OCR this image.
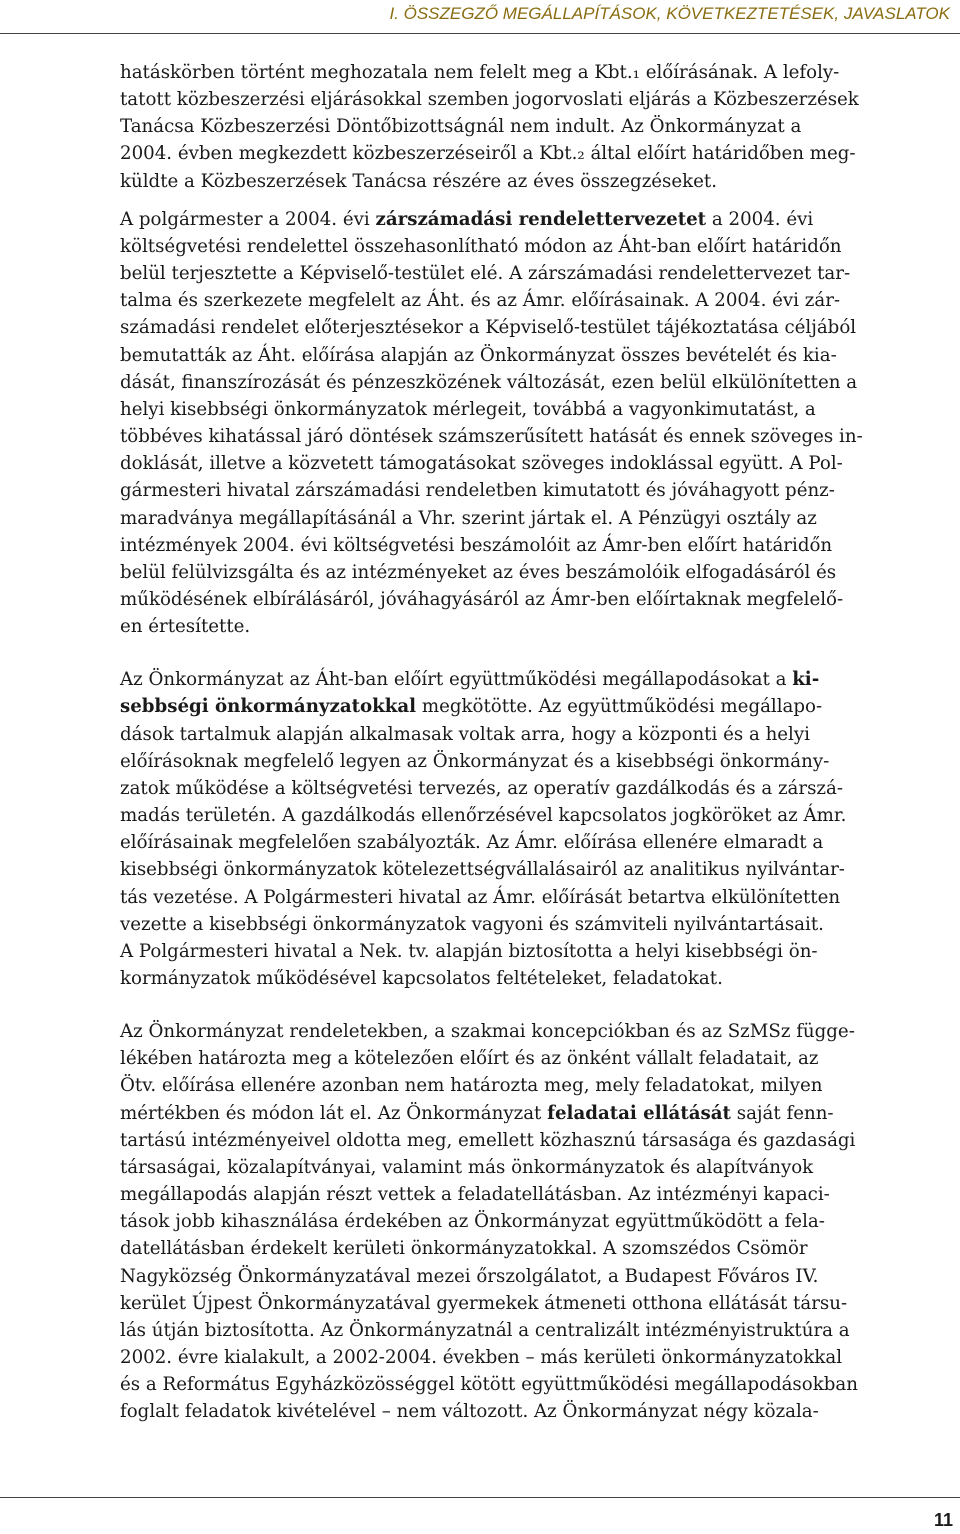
I. ÖSSZEGZŐ MEGÁLLAPÍTÁSOK, KÖVETKEZTETÉSEK, JAVASLATOK

hatáskörben történt meghozatala nem felelt meg a Kbt.₁ előírásának. A lefoly-
tatott közbeszerzési eljárásokkal szemben jogorvoslati eljárás a Közbeszerzések
Tanácsa Közbeszerzési Döntőbizottságnál nem indult. Az Önkormányzat a
2004. évben megkezdett közbeszerzéseiről a Kbt.₂ által előírt határidőben meg-
küldte a Közbeszerzések Tanácsa részére az éves összegzéseket.

A polgármester a 2004. évi zárszámadási rendelettervezetet a 2004. évi
költségvetési rendelettel összehasonlítható módon az Áht-ban előírt határidőn
belül terjesztette a Képviselő-testület elé. A zárszámadási rendelettervezet tar-
talma és szerkezete megfelelt az Áht. és az Ámr. előírásainak. A 2004. évi zár-
számadási rendelet előterjesztésekor a Képviselő-testület tájékoztatása céljából
bemutatták az Áht. előírása alapján az Önkormányzat összes bevételét és kia-
dását, finanszírozását és pénzeszközének változását, ezen belül elkülönítetten a
helyi kisebbségi önkormányzatok mérlegeit, továbbá a vagyonkimutatást, a
többéves kihatással járó döntések számszerűsített hatását és ennek szöveges in-
doklását, illetve a közvetett támogatásokat szöveges indoklással együtt. A Pol-
gármesteri hivatal zárszámadási rendeletben kimutatott és jóváhagyott pénz-
maradványa megállapításánál a Vhr. szerint jártak el. A Pénzügyi osztály az
intézmények 2004. évi költségvetési beszámolóit az Ámr-ben előírt határidőn
belül felülvizsgálta és az intézményeket az éves beszámolóik elfogadásáról és
működésének elbírálásáról, jóváhagyásáról az Ámr-ben előírtaknak megfelelő-
en értesítette.

Az Önkormányzat az Áht-ban előírt együttműködési megállapodásokat a ki-
sebbségi önkormányzatokkal megkötötte. Az együttműködési megállapo-
dások tartalmuk alapján alkalmasak voltak arra, hogy a központi és a helyi
előírásoknak megfelelő legyen az Önkormányzat és a kisebbségi önkormány-
zatok működése a költségvetési tervezés, az operatív gazdálkodás és a zárszá-
madás területén. A gazdálkodás ellenőrzésével kapcsolatos jogköröket az Ámr.
előírásainak megfelelően szabályozták. Az Ámr. előírása ellenére elmaradt a
kisebbségi önkormányzatok kötelezettségvállalásairól az analitikus nyilvántar-
tás vezetése. A Polgármesteri hivatal az Ámr. előírását betartva elkülönítetten
vezette a kisebbségi önkormányzatok vagyoni és számviteli nyilvántartásait.
A Polgármesteri hivatal a Nek. tv. alapján biztosította a helyi kisebbségi ön-
kormányzatok működésével kapcsolatos feltételeket, feladatokat.

Az Önkormányzat rendeletekben, a szakmai koncepciókban és az SzMSz függe-
lékében határozta meg a kötelezően előírt és az önként vállalt feladatait, az
Ötv. előírása ellenére azonban nem határozta meg, mely feladatokat, milyen
mértékben és módon lát el. Az Önkormányzat feladatai ellátását saját fenn-
tartású intézményeivel oldotta meg, emellett közhasznú társasága és gazdasági
társaságai, közalapítványai, valamint más önkormányzatok és alapítványok
megállapodás alapján részt vettek a feladatellátásban. Az intézményi kapaci-
tások jobb kihasználása érdekében az Önkormányzat együttműködött a fela-
datellátásban érdekelt kerületi önkormányzatokkal. A szomszédos Csömör
Nagyközség Önkormányzatával mezei őrszolgálatot, a Budapest Főváros IV.
kerület Újpest Önkormányzatával gyermekek átmeneti otthona ellátását társu-
lás útján biztosította. Az Önkormányzatnál a centralizált intézményistruktúra a
2002. évre kialakult, a 2002-2004. években – más kerületi önkormányzatokkal
és a Református Egyházközösséggel kötött együttműködési megállapodásokban
foglalt feladatok kivételével – nem változott. Az Önkormányzat négy közala-

11
